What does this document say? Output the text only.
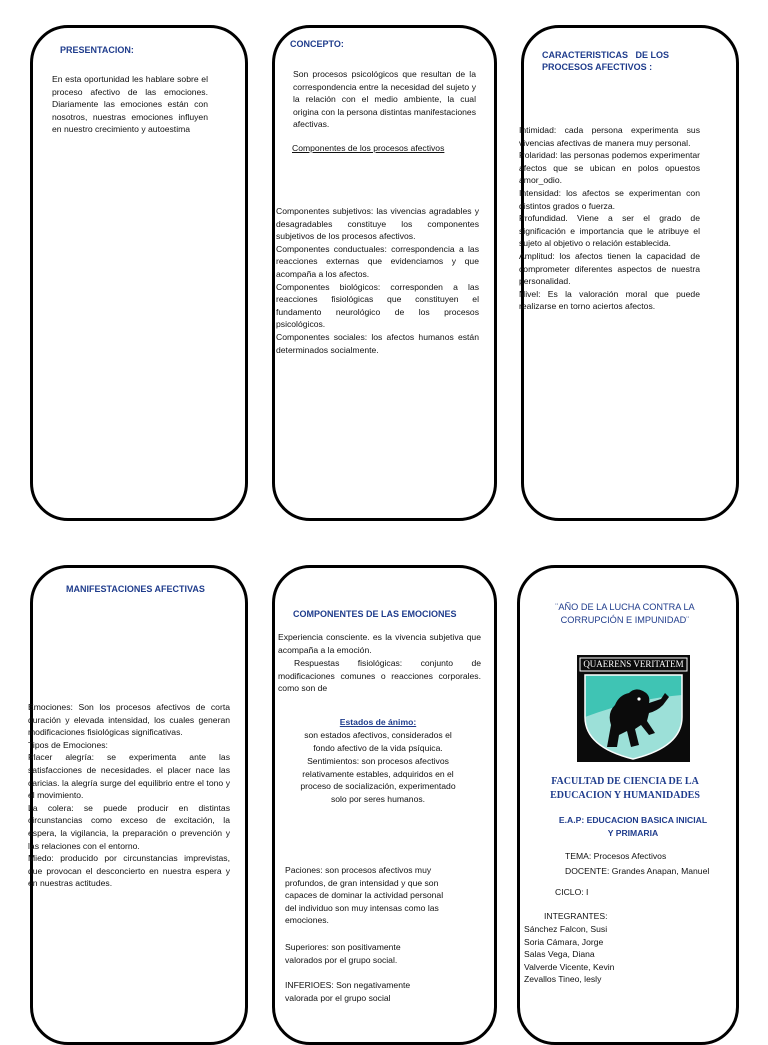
PRESENTACION:
En esta oportunidad les hablare sobre el proceso afectivo de las emociones. Diariamente las emociones están con nosotros, nuestras emociones influyen en nuestro crecimiento y autoestima
CONCEPTO:
Son procesos psicológicos que resultan de la correspondencia entre la necesidad del sujeto y la relación con el medio ambiente, la cual origina con la persona distintas manifestaciones afectivas.
Componentes de los procesos afectivos

Componentes subjetivos: las vivencias agradables y desagradables constituye los componentes subjetivos de los procesos afectivos.

Componentes conductuales: correspondencia a las reacciones externas que evidenciamos y que acompaña a los afectos.

Componentes biológicos: corresponden a las reacciones fisiológicas que constituyen el fundamento neurológico de los procesos psicológicos.

Componentes sociales: los afectos humanos están determinados socialmente.

CARACTERISTICAS   DE LOS PROCESOS AFECTIVOS :

Intimidad: cada persona experimenta sus vivencias afectivas de manera muy personal.

Polaridad: las personas podemos experimentar afectos que se ubican en polos opuestos amor_odio.

Intensidad: los afectos se experimentan con distintos grados o fuerza.

Profundidad. Viene a ser el grado de significación e importancia que le atribuye el sujeto al objetivo o relación establecida.

Amplitud: los afectos tienen la capacidad de comprometer diferentes aspectos de nuestra personalidad.

Nivel: Es la valoración moral que puede realizarse en torno aciertos afectos.

MANIFESTACIONES AFECTIVAS

Emociones: Son los procesos afectivos de corta duración y elevada intensidad, los cuales generan modificaciones fisiológicas significativas.

Tipos de Emociones:

Placer alegría: se experimenta ante las satisfacciones de necesidades. el placer nace las caricias. la alegría surge del equilibrio entre el tono y el movimiento.

La colera: se puede producir en distintas circunstancias como exceso de excitación, la espera, la vigilancia, la preparación o prevención y las relaciones con el entorno.

Miedo: producido por circunstancias imprevistas, que provocan el desconcierto en nuestra espera y en nuestras actitudes.

COMPONENTES DE LAS EMOCIONES
Experiencia consciente. es la vivencia subjetiva que acompaña a la emoción.
Respuestas fisiológicas: conjunto de modificaciones comunes o reacciones corporales. como son de
Estados de ánimo:
son estados afectivos, considerados el fondo afectivo de la vida psíquica.
Sentimientos: son procesos afectivos relativamente estables, adquiridos en el proceso de socialización, experimentado solo por seres humanos.
Paciones: son procesos afectivos muy profundos, de gran intensidad y que son capaces de dominar la actividad personal del individuo son muy intensas como las emociones.
Superiores: son positivamente valorados por el grupo social.
INFERIOES: Son negativamente valorada por el grupo social
¨AÑO DE LA LUCHA CONTRA LA CORRUPCIÓN E IMPUNIDAD¨
QUAERENS VERITATEM
FACULTAD DE CIENCIA DE LA EDUCACION Y HUMANIDADES
E.A.P: EDUCACION BASICA INICIAL Y PRIMARIA
TEMA: Procesos Afectivos
DOCENTE: Grandes Anapan, Manuel
CICLO: I
INTEGRANTES:

Sánchez Falcon, Susi

Soria Cámara, Jorge

Salas Vega, Diana

Valverde Vicente, Kevin

Zevallos Tineo, lesly
